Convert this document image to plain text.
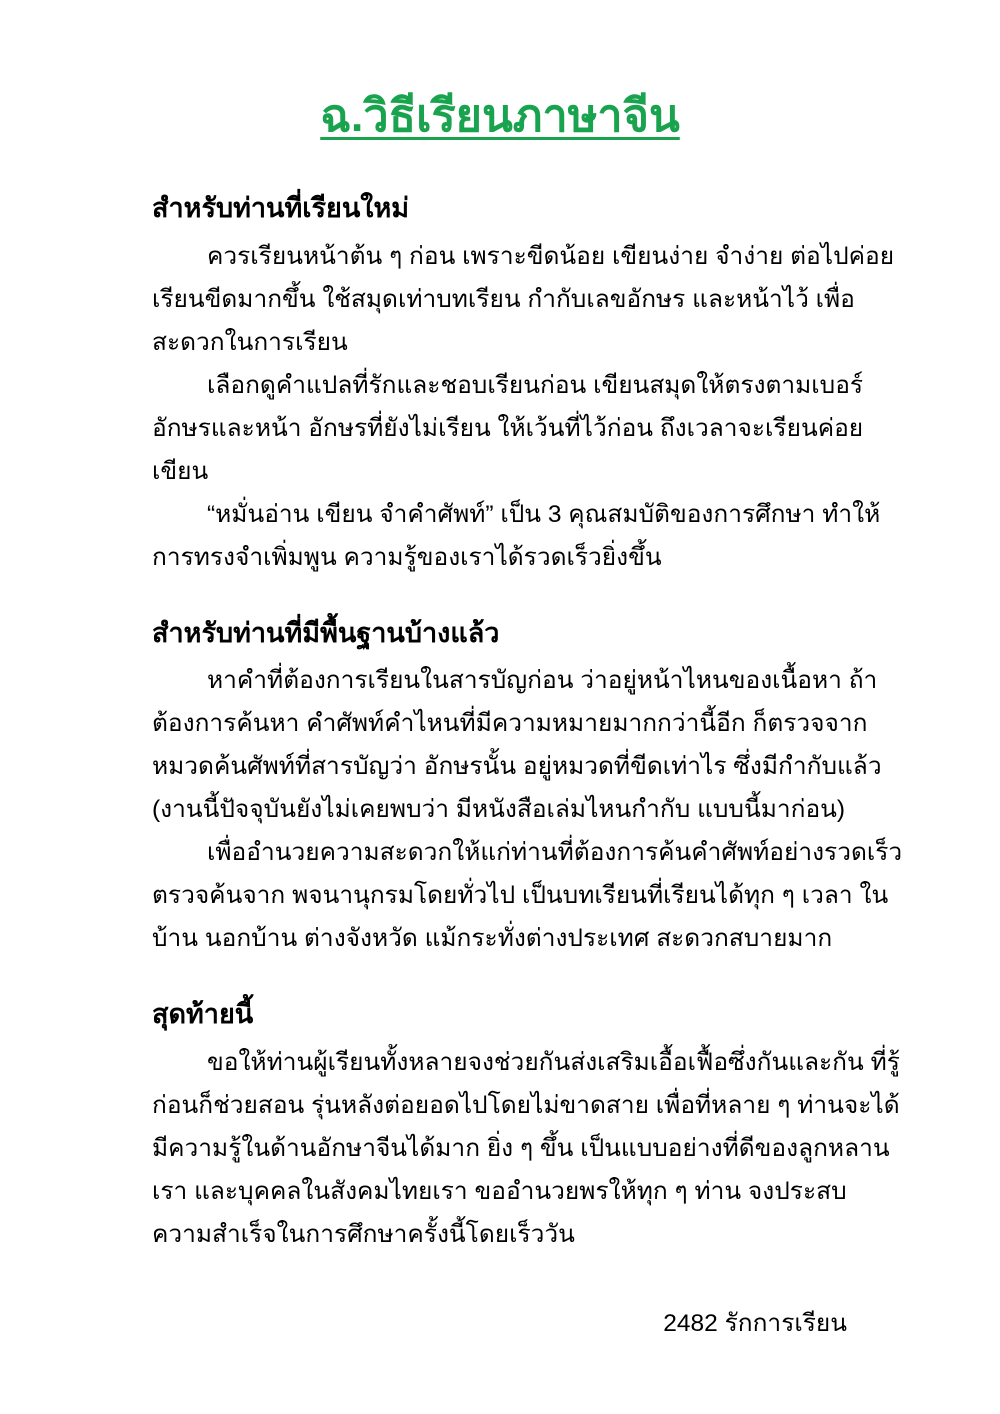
ฉ.วิธีเรียนภาษาจีน
สำหรับท่านที่เรียนใหม่

ควรเรียนหน้าต้น ๆ ก่อน เพราะขีดน้อย เขียนง่าย จำง่าย ต่อไปค่อยเรียนขีดมากขึ้น ใช้สมุดเท่าบทเรียน กำกับเลขอักษร และหน้าไว้ เพื่อสะดวกในการเรียน

เลือกดูคำแปลที่รักและชอบเรียนก่อน เขียนสมุดให้ตรงตามเบอร์อักษรและหน้า อักษรที่ยังไม่เรียน ให้เว้นที่ไว้ก่อน ถึงเวลาจะเรียนค่อยเขียน

“หมั่นอ่าน เขียน จำคำศัพท์” เป็น 3 คุณสมบัติของการศึกษา ทำให้การทรงจำเพิ่มพูน ความรู้ของเราได้รวดเร็วยิ่งขึ้น

สำหรับท่านที่มีพื้นฐานบ้างแล้ว

หาคำที่ต้องการเรียนในสารบัญก่อน ว่าอยู่หน้าไหนของเนื้อหา ถ้าต้องการค้นหา คำศัพท์คำไหนที่มีความหมายมากกว่านี้อีก ก็ตรวจจากหมวดค้นศัพท์ที่สารบัญว่า อักษรนั้น อยู่หมวดที่ขีดเท่าไร ซึ่งมีกำกับแล้ว (งานนี้ปัจจุบันยังไม่เคยพบว่า มีหนังสือเล่มไหนกำกับ แบบนี้มาก่อน)

เพื่ออำนวยความสะดวกให้แก่ท่านที่ต้องการค้นคำศัพท์อย่างรวดเร็ว ตรวจค้นจาก พจนานุกรมโดยทั่วไป เป็นบทเรียนที่เรียนได้ทุก ๆ เวลา ในบ้าน นอกบ้าน ต่างจังหวัด แม้กระทั่งต่างประเทศ สะดวกสบายมาก

สุดท้ายนี้

ขอให้ท่านผู้เรียนทั้งหลายจงช่วยกันส่งเสริมเอื้อเฟื้อซึ่งกันและกัน ที่รู้ก่อนก็ช่วยสอน รุ่นหลังต่อยอดไปโดยไม่ขาดสาย เพื่อที่หลาย ๆ ท่านจะได้มีความรู้ในด้านอักษาจีนได้มาก ยิ่ง ๆ ขึ้น เป็นแบบอย่างที่ดีของลูกหลานเรา และบุคคลในสังคมไทยเรา ขออำนวยพรให้ทุก ๆ ท่าน จงประสบความสำเร็จในการศึกษาครั้งนี้โดยเร็ววัน

2482 รักการเรียน
